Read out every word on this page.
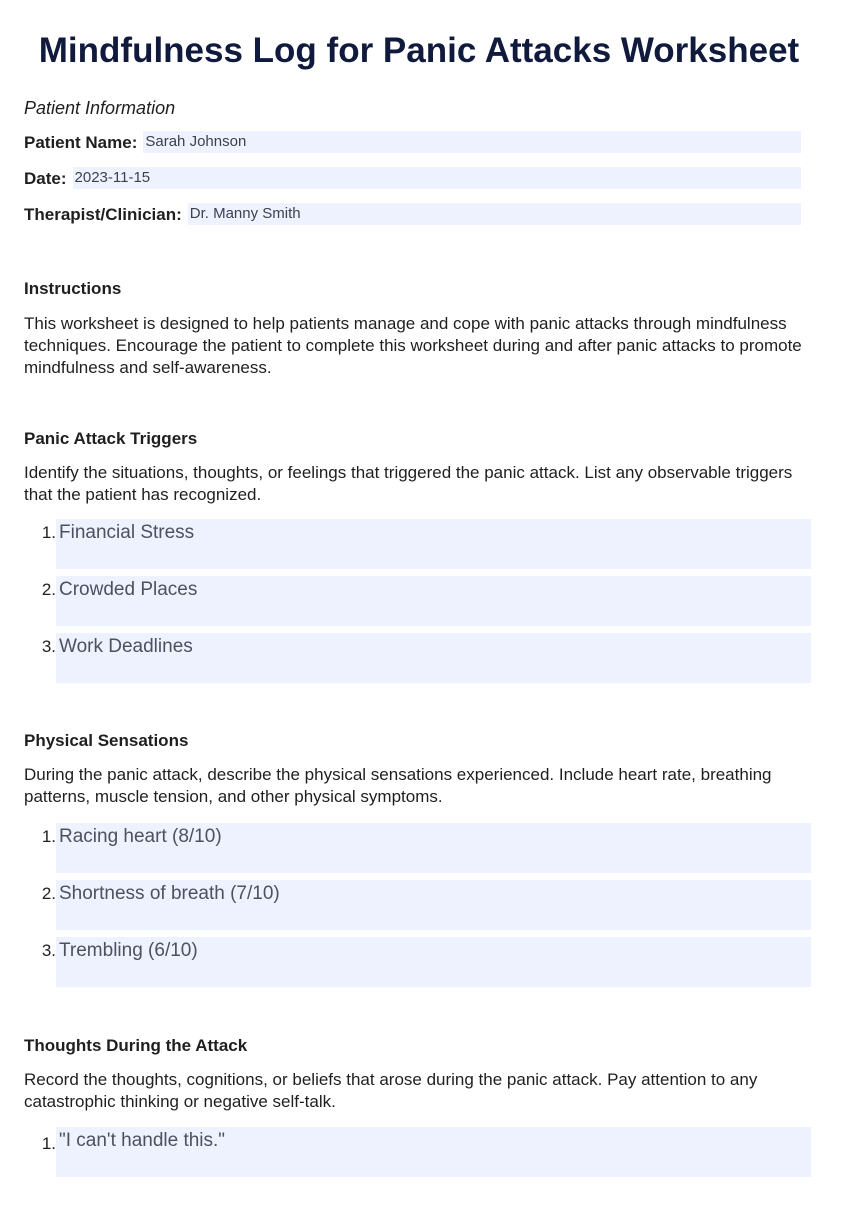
Mindfulness Log for Panic Attacks Worksheet
Patient Information
Patient Name: Sarah Johnson
Date: 2023-11-15
Therapist/Clinician: Dr. Manny Smith
Instructions
This worksheet is designed to help patients manage and cope with panic attacks through mindfulness techniques. Encourage the patient to complete this worksheet during and after panic attacks to promote mindfulness and self-awareness.
Panic Attack Triggers
Identify the situations, thoughts, or feelings that triggered the panic attack. List any observable triggers that the patient has recognized.
1. Financial Stress
2. Crowded Places
3. Work Deadlines
Physical Sensations
During the panic attack, describe the physical sensations experienced. Include heart rate, breathing patterns, muscle tension, and other physical symptoms.
1. Racing heart (8/10)
2. Shortness of breath (7/10)
3. Trembling (6/10)
Thoughts During the Attack
Record the thoughts, cognitions, or beliefs that arose during the panic attack. Pay attention to any catastrophic thinking or negative self-talk.
1. "I can't handle this."
